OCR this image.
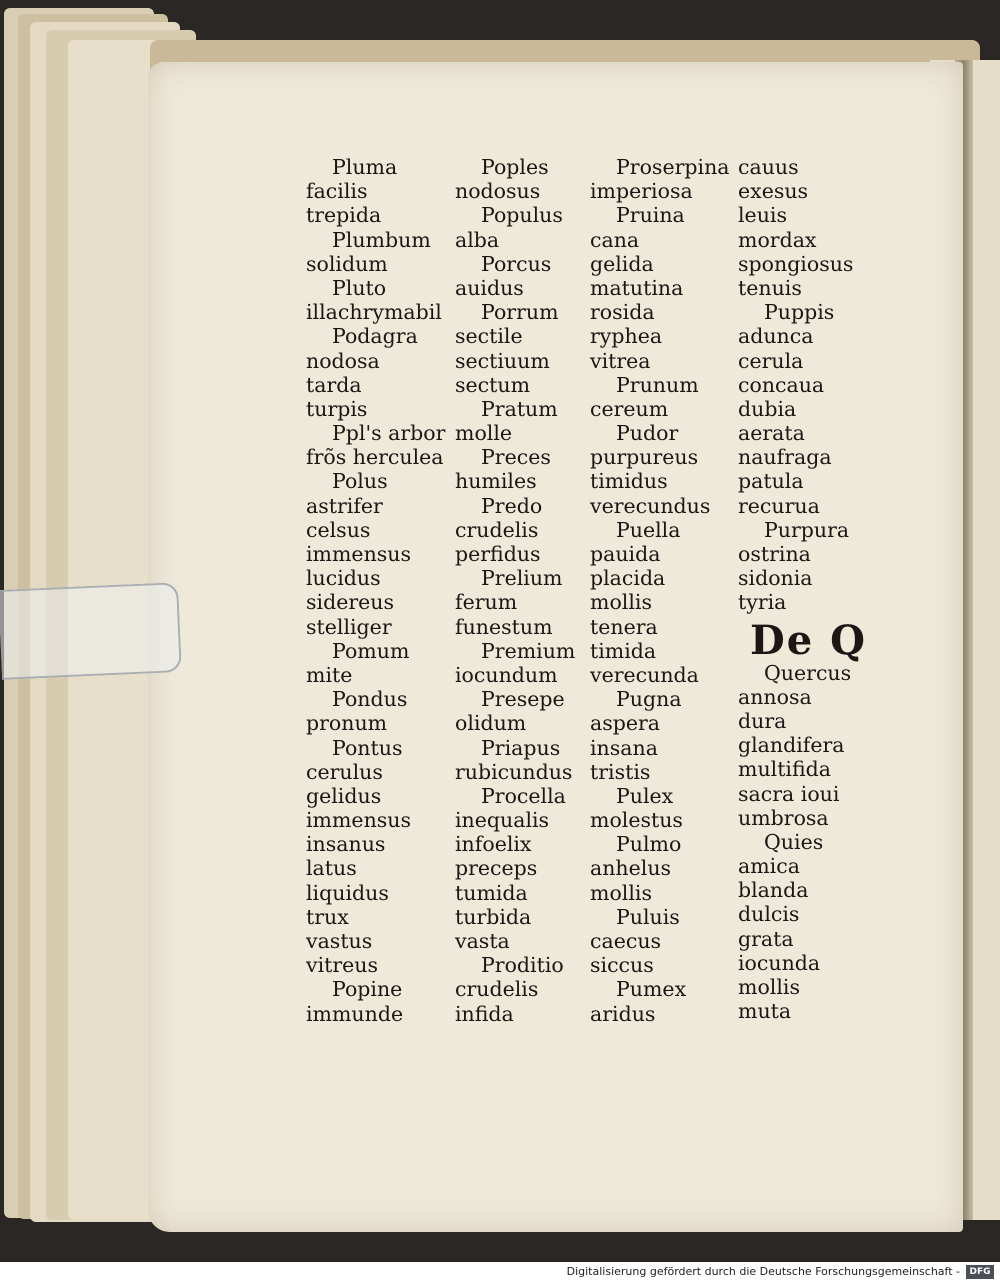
Pluma
facilis
trepida
Plumbum
solidum
Pluto
illachrymabil
Podagra
nodosa
tarda
turpis
Ppl's arbor
frõs herculea
Polus
astrifer
celsus
immensus
lucidus
sidereus
stelliger
Pomum
mite
Pondus
pronum
Pontus
cerulus
gelidus
immensus
insanus
latus
liquidus
trux
vastus
vitreus
Popine
immunde
Poples
nodosus
Populus
alba
Porcus
auidus
Porrum
sectile
sectiuum
sectum
Pratum
molle
Preces
humiles
Predo
crudelis
perfidus
Prelium
ferum
funestum
Premium
iocundum
Presepe
olidum
Priapus
rubicundus
Procella
inequalis
infoelix
preceps
tumida
turbida
vasta
Proditio
crudelis
infida
Proserpina
imperiosa
Pruina
cana
gelida
matutina
rosida
ryphea
vitrea
Prunum
cereum
Pudor
purpureus
timidus
verecundus
Puella
pauida
placida
mollis
tenera
timida
verecunda
Pugna
aspera
insana
tristis
Pulex
molestus
Pulmo
anhelus
mollis
Puluis
caecus
siccus
Pumex
aridus
cauus
exesus
leuis
mordax
spongiosus
tenuis
Puppis
adunca
cerula
concaua
dubia
aerata
naufraga
patula
recurua
Purpura
ostrina
sidonia
tyria
De Q
Quercus
annosa
dura
glandifera
multifida
sacra ioui
umbrosa
Quies
amica
blanda
dulcis
grata
iocunda
mollis
muta
Digitalisierung gefördert durch die Deutsche Forschungsgemeinschaft -	DFG
